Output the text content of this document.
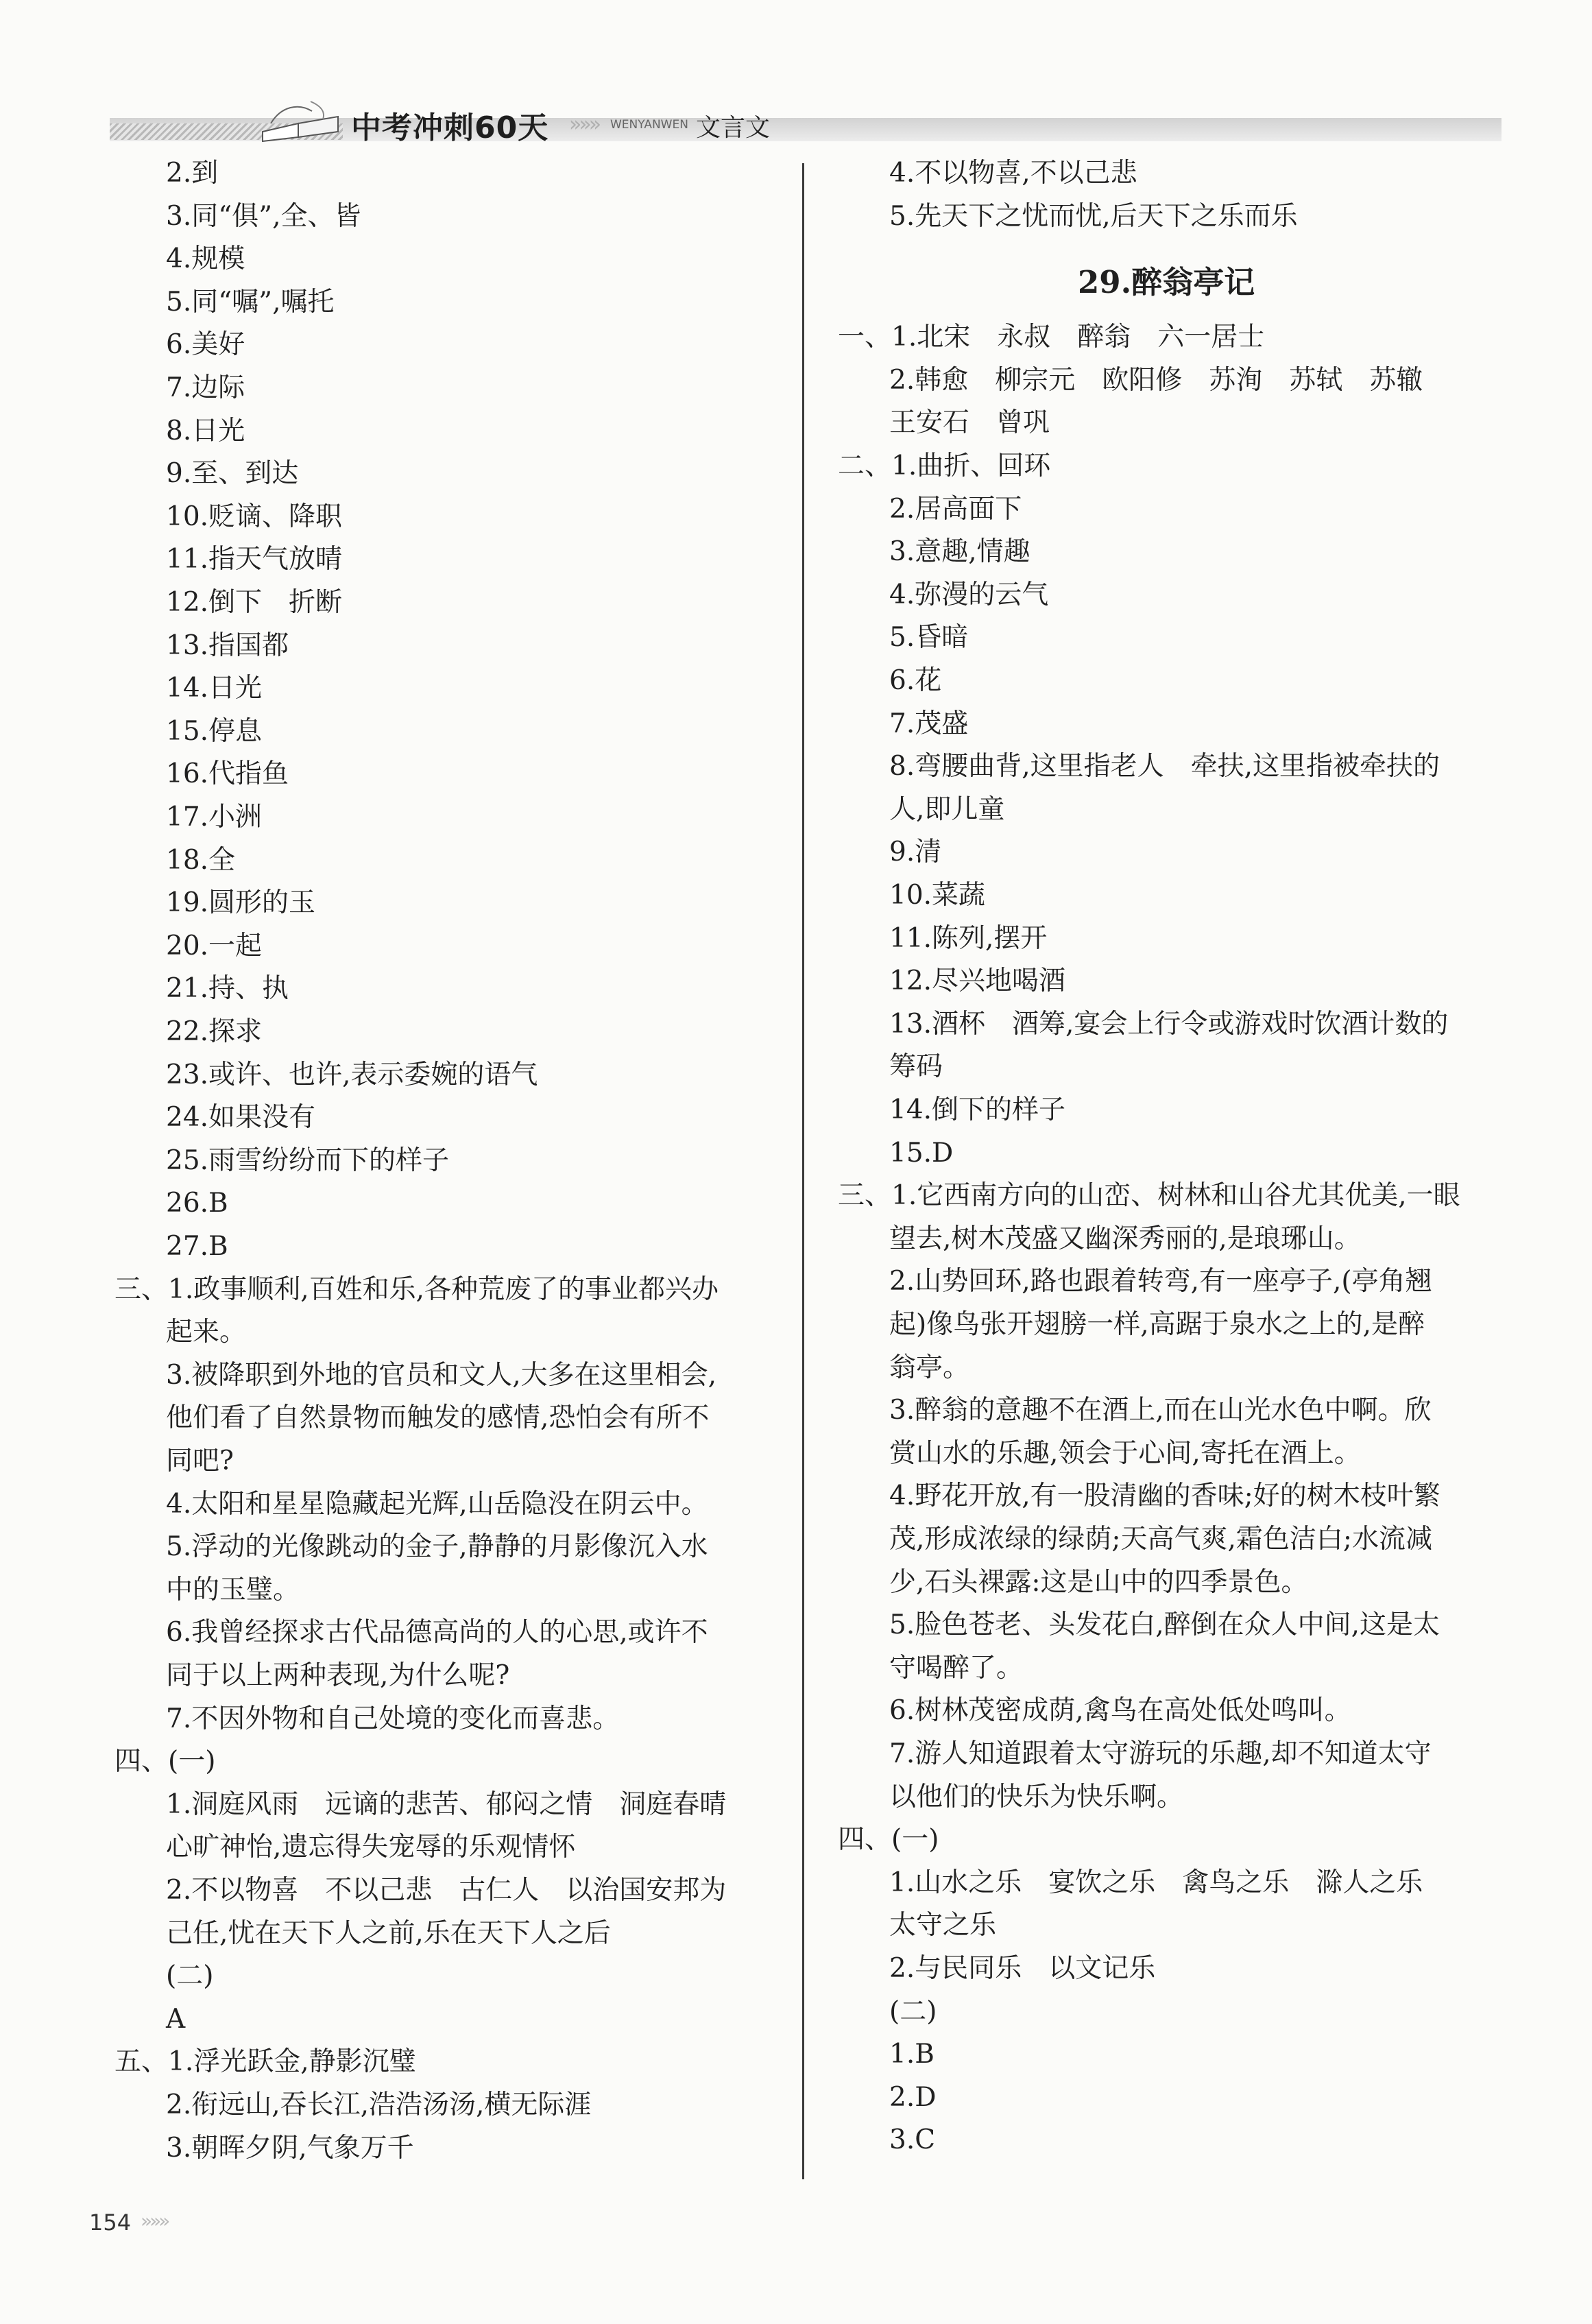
中考冲刺60天 »»» WENYANWEN 文言文
2.到
3.同“俱”,全、皆
4.规模
5.同“嘱”,嘱托
6.美好
7.边际
8.日光
9.至、到达
10.贬谪、降职
11.指天气放晴
12.倒下　折断
13.指国都
14.日光
15.停息
16.代指鱼
17.小洲
18.全
19.圆形的玉
20.一起
21.持、执
22.探求
23.或许、也许,表示委婉的语气
24.如果没有
25.雨雪纷纷而下的样子
26.B
27.B
三、1.政事顺利,百姓和乐,各种荒废了的事业都兴办
起来。
3.被降职到外地的官员和文人,大多在这里相会,
他们看了自然景物而触发的感情,恐怕会有所不
同吧?
4.太阳和星星隐藏起光辉,山岳隐没在阴云中。
5.浮动的光像跳动的金子,静静的月影像沉入水
中的玉璧。
6.我曾经探求古代品德高尚的人的心思,或许不
同于以上两种表现,为什么呢?
7.不因外物和自己处境的变化而喜悲。
四、(一)
1.洞庭风雨　远谪的悲苦、郁闷之情　洞庭春晴
心旷神怡,遗忘得失宠辱的乐观情怀
2.不以物喜　不以己悲　古仁人　以治国安邦为
己任,忧在天下人之前,乐在天下人之后
(二)
A
五、1.浮光跃金,静影沉璧
2.衔远山,吞长江,浩浩汤汤,横无际涯
3.朝晖夕阴,气象万千
4.不以物喜,不以己悲
5.先天下之忧而忧,后天下之乐而乐
29.醉翁亭记
一、1.北宋　永叔　醉翁　六一居士
2.韩愈　柳宗元　欧阳修　苏洵　苏轼　苏辙
王安石　曾巩
二、1.曲折、回环
2.居高面下
3.意趣,情趣
4.弥漫的云气
5.昏暗
6.花
7.茂盛
8.弯腰曲背,这里指老人　牵扶,这里指被牵扶的
人,即儿童
9.清
10.菜蔬
11.陈列,摆开
12.尽兴地喝酒
13.酒杯　酒筹,宴会上行令或游戏时饮酒计数的
筹码
14.倒下的样子
15.D
三、1.它西南方向的山峦、树林和山谷尤其优美,一眼
望去,树木茂盛又幽深秀丽的,是琅琊山。
2.山势回环,路也跟着转弯,有一座亭子,(亭角翘
起)像鸟张开翅膀一样,高踞于泉水之上的,是醉
翁亭。
3.醉翁的意趣不在酒上,而在山光水色中啊。欣
赏山水的乐趣,领会于心间,寄托在酒上。
4.野花开放,有一股清幽的香味;好的树木枝叶繁
茂,形成浓绿的绿荫;天高气爽,霜色洁白;水流减
少,石头裸露:这是山中的四季景色。
5.脸色苍老、头发花白,醉倒在众人中间,这是太
守喝醉了。
6.树林茂密成荫,禽鸟在高处低处鸣叫。
7.游人知道跟着太守游玩的乐趣,却不知道太守
以他们的快乐为快乐啊。
四、(一)
1.山水之乐　宴饮之乐　禽鸟之乐　滁人之乐
太守之乐
2.与民同乐　以文记乐
(二)
1.B
2.D
3.C
154 »»»
